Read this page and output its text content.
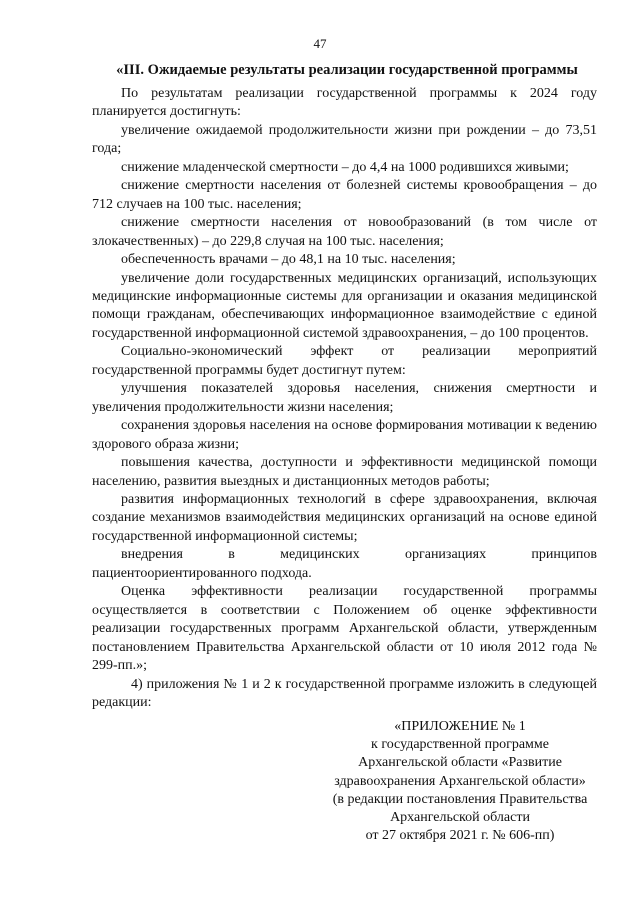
47
«III. Ожидаемые результаты реализации государственной программы

По результатам реализации государственной программы к 2024 году планируется достигнуть:

увеличение ожидаемой продолжительности жизни при рождении – до 73,51 года;

снижение младенческой смертности – до 4,4 на 1000 родившихся живыми;

снижение смертности населения от болезней системы кровообращения – до 712 случаев на 100 тыс. населения;

снижение смертности населения от новообразований (в том числе от злокачественных) – до 229,8 случая на 100 тыс. населения;

обеспеченность врачами – до 48,1 на 10 тыс. населения;

увеличение доли государственных медицинских организаций, использующих медицинские информационные системы для организации и оказания медицинской помощи гражданам, обеспечивающих информационное взаимодействие с единой государственной информационной системой здравоохранения, – до 100 процентов.

Социально-экономический эффект от реализации мероприятий государственной программы будет достигнут путем:

улучшения показателей здоровья населения, снижения смертности и увеличения продолжительности жизни населения;

сохранения здоровья населения на основе формирования мотивации к ведению здорового образа жизни;

повышения качества, доступности и эффективности медицинской помощи населению, развития выездных и дистанционных методов работы;

развития информационных технологий в сфере здравоохранения, включая создание механизмов взаимодействия медицинских организаций на основе единой государственной информационной системы;

внедрения в медицинских организациях принципов пациентоориентированного подхода.

Оценка эффективности реализации государственной программы осуществляется в соответствии с Положением об оценке эффективности реализации государственных программ Архангельской области, утвержденным постановлением Правительства Архангельской области от 10 июля 2012 года № 299-пп.»;

4) приложения № 1 и 2 к государственной программе изложить в следующей редакции:

«ПРИЛОЖЕНИЕ № 1
к государственной программе
Архангельской области «Развитие
здравоохранения Архангельской области»
(в редакции постановления Правительства
Архангельской области
от 27 октября 2021 г. № 606-пп)
